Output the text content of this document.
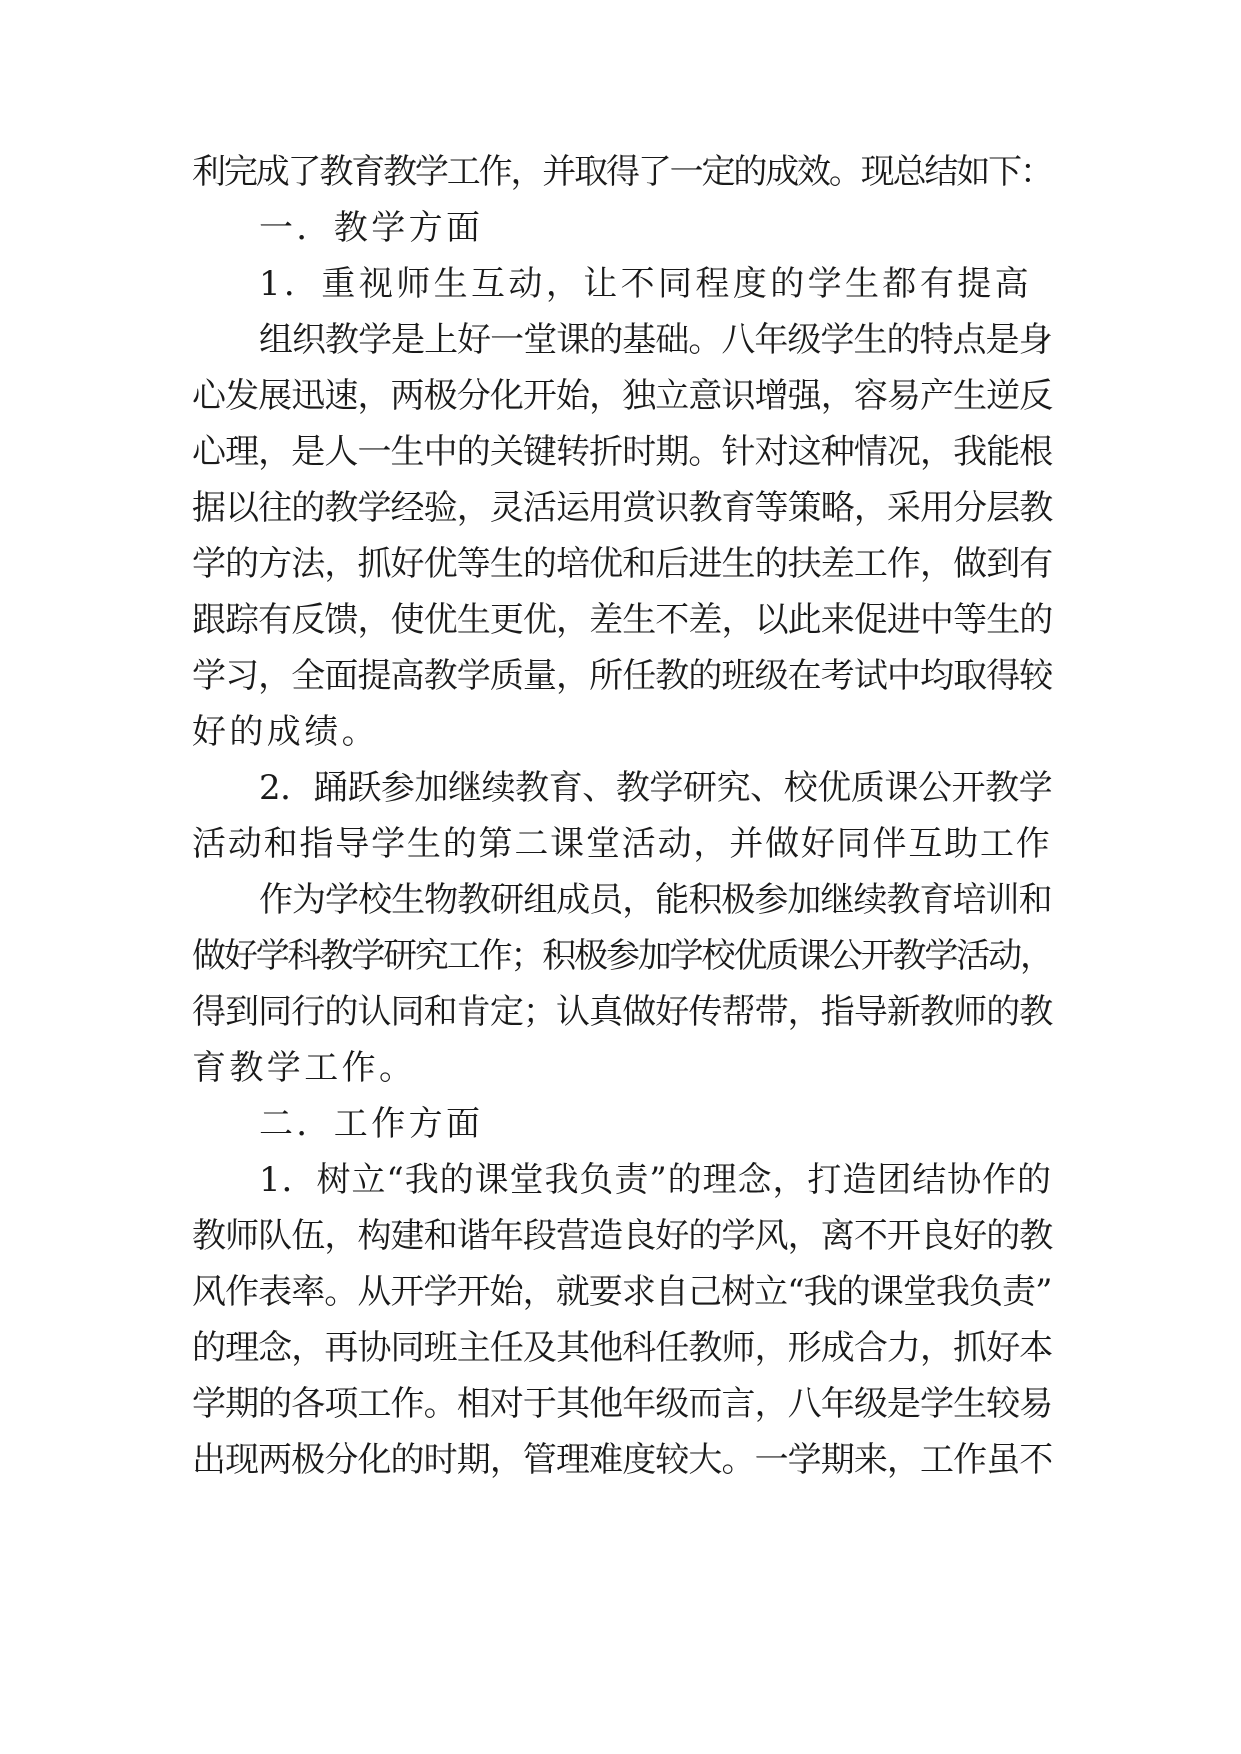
利完成了教育教学工作，并取得了一定的成效。现总结如下：
一．教学方面
1．重视师生互动，让不同程度的学生都有提高
组织教学是上好一堂课的基础。八年级学生的特点是身
心发展迅速，两极分化开始，独立意识增强，容易产生逆反
心理，是人一生中的关键转折时期。针对这种情况，我能根
据以往的教学经验，灵活运用赏识教育等策略，采用分层教
学的方法，抓好优等生的培优和后进生的扶差工作，做到有
跟踪有反馈，使优生更优，差生不差，以此来促进中等生的
学习，全面提高教学质量，所任教的班级在考试中均取得较
好的成绩。
2．踊跃参加继续教育、教学研究、校优质课公开教学
活动和指导学生的第二课堂活动，并做好同伴互助工作
作为学校生物教研组成员，能积极参加继续教育培训和
做好学科教学研究工作；积极参加学校优质课公开教学活动，
得到同行的认同和肯定；认真做好传帮带，指导新教师的教
育教学工作。
二．工作方面
1．树立“我的课堂我负责”的理念，打造团结协作的
教师队伍，构建和谐年段营造良好的学风，离不开良好的教
风作表率。从开学开始，就要求自己树立“我的课堂我负责”
的理念，再协同班主任及其他科任教师，形成合力，抓好本
学期的各项工作。相对于其他年级而言，八年级是学生较易
出现两极分化的时期，管理难度较大。一学期来，工作虽不
